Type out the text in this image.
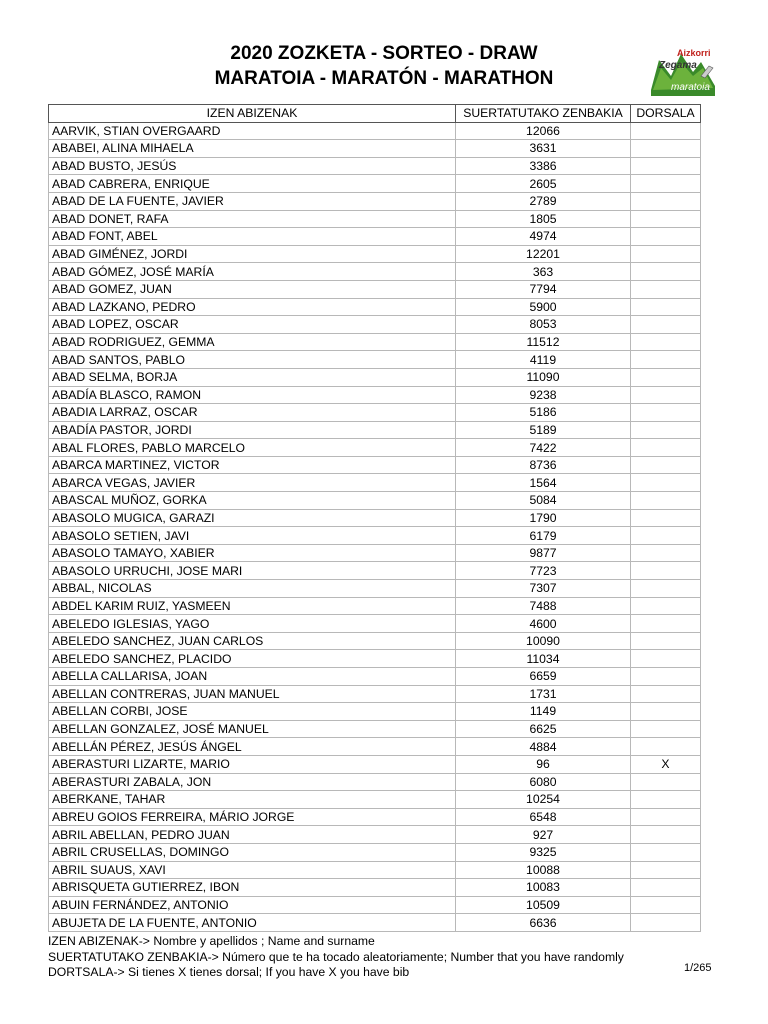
2020 ZOZKETA - SORTEO - DRAW
MARATOIA - MARATÓN - MARATHON
Aizkorri
Zegama
maratoia
IZEN ABIZENAK	SUERTATUTAKO ZENBAKIA	DORSALA
AARVIK, STIAN OVERGAARD	12066	
ABABEI, ALINA MIHAELA	3631	
ABAD BUSTO, JESÚS	3386	
ABAD CABRERA, ENRIQUE	2605	
ABAD DE LA FUENTE, JAVIER	2789	
ABAD DONET, RAFA	1805	
ABAD FONT, ABEL	4974	
ABAD GIMÉNEZ, JORDI	12201	
ABAD GÓMEZ, JOSÉ MARÍA	363	
ABAD GOMEZ, JUAN	7794	
ABAD LAZKANO, PEDRO	5900	
ABAD LOPEZ, OSCAR	8053	
ABAD RODRIGUEZ, GEMMA	11512	
ABAD SANTOS, PABLO	4119	
ABAD SELMA, BORJA	11090	
ABADÍA BLASCO, RAMON	9238	
ABADIA LARRAZ, OSCAR	5186	
ABADÍA PASTOR, JORDI	5189	
ABAL FLORES, PABLO MARCELO	7422	
ABARCA MARTINEZ, VICTOR	8736	
ABARCA VEGAS, JAVIER	1564	
ABASCAL MUÑOZ, GORKA	5084	
ABASOLO MUGICA, GARAZI	1790	
ABASOLO SETIEN, JAVI	6179	
ABASOLO TAMAYO, XABIER	9877	
ABASOLO URRUCHI, JOSE MARI	7723	
ABBAL, NICOLAS	7307	
ABDEL KARIM RUIZ, YASMEEN	7488	
ABELEDO IGLESIAS, YAGO	4600	
ABELEDO SANCHEZ, JUAN CARLOS	10090	
ABELEDO SANCHEZ, PLACIDO	11034	
ABELLA CALLARISA, JOAN	6659	
ABELLAN CONTRERAS, JUAN MANUEL	1731	
ABELLAN CORBI, JOSE	1149	
ABELLAN GONZALEZ, JOSÉ MANUEL	6625	
ABELLÁN PÉREZ, JESÚS ÁNGEL	4884	
ABERASTURI LIZARTE, MARIO	96	X
ABERASTURI ZABALA, JON	6080	
ABERKANE, TAHAR	10254	
ABREU GOIOS FERREIRA, MÁRIO JORGE	6548	
ABRIL ABELLAN, PEDRO JUAN	927	
ABRIL CRUSELLAS, DOMINGO	9325	
ABRIL SUAUS, XAVI	10088	
ABRISQUETA GUTIERREZ, IBON	10083	
ABUIN FERNÁNDEZ, ANTONIO	10509	
ABUJETA DE LA FUENTE, ANTONIO	6636	
IZEN ABIZENAK-> Nombre y apellidos ; Name and surname
SUERTATUTAKO ZENBAKIA-> Número que te ha tocado aleatoriamente; Number that you have randomly
DORTSALA-> Si tienes X tienes dorsal; If you have X you have bib	1/265
